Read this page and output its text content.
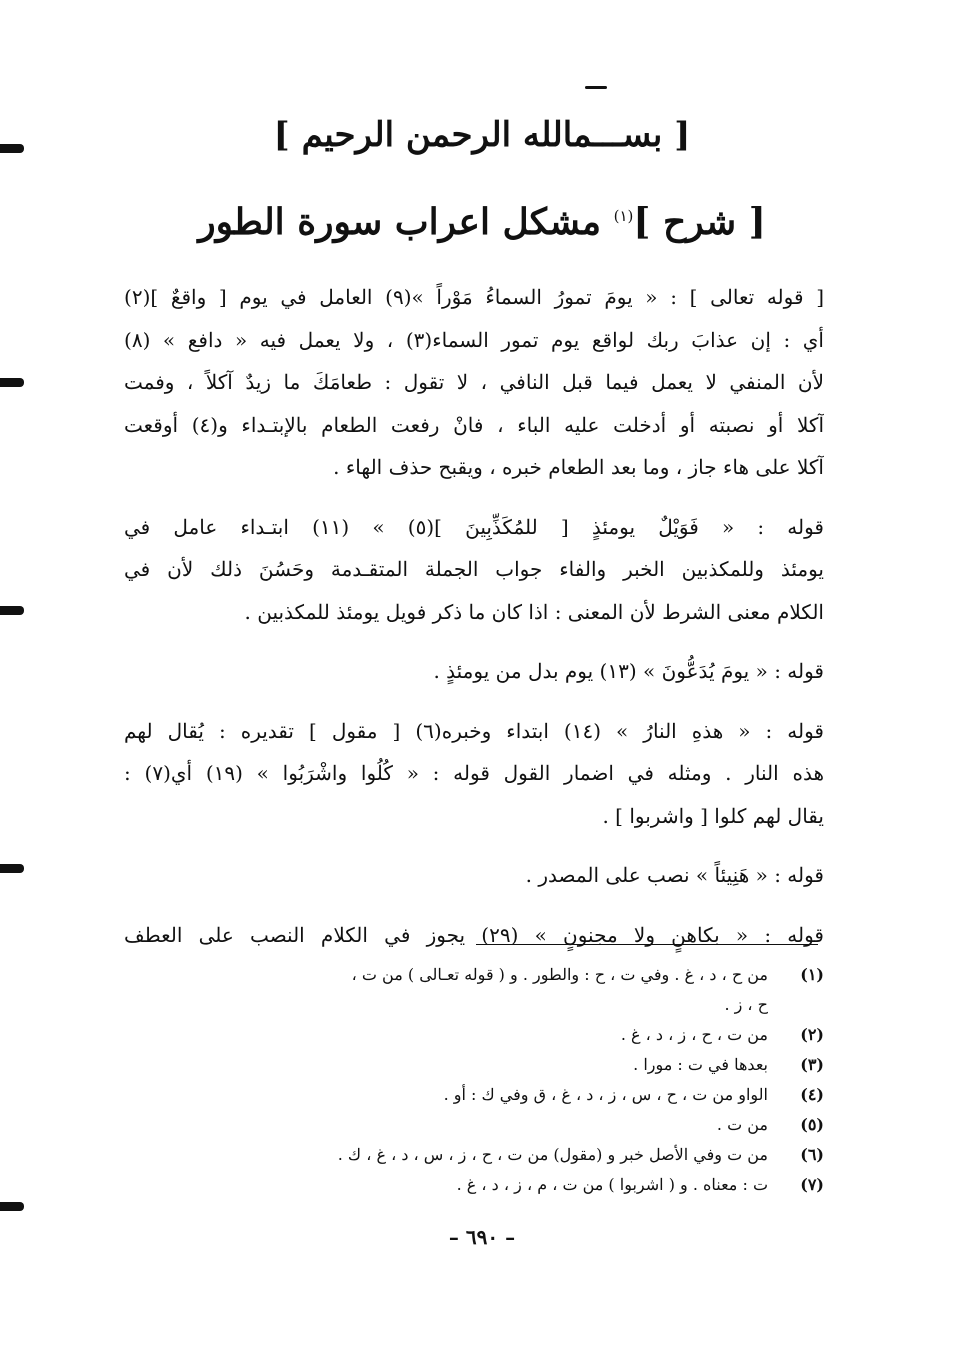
[ بســـمالله الرحمن الرحيم ]
[ شرح ]$^{(١)}$ مشكل اعراب سورة الطور

[ قوله تعالى ] : « يومَ تمورُ السماءُ مَوْراً »(٩) العامل في يوم [ واقعٌ ](٢)
أي : إن عذابَ ربك لواقع يوم تمور السماء(٣) ، ولا يعمل فيه « دافع » (٨)
لأن المنفي لا يعمل فيما قبل النافي ، لا تقول : طعامَكَ ما زيدٌ آكلاً ، وفمت
آكلا أو نصبته أو أدخلت عليه الباء ، فانْ رفعت الطعام بالإبتـداء و(٤) أوقعت
آكلا على هاء جاز ، وما بعد الطعام خبره ، ويقبح حذف الهاء .

قوله : « فَوَيْلٌ يومئذٍ [ للمُكَذِّبِينَ ](٥) » (١١) ابتـداء عامل في
يومئذ وللمكذبين الخبر والفاء جواب الجملة المتقـدمة وحَسُنَ ذلك لأن في
الكلام معنى الشرط لأن المعنى : اذا كان ما ذكر فويل يومئذ للمكذبين .

قوله : « يومَ يُدَعُّونَ » (١٣) يوم بدل من يومئذٍ .

قوله : « هذهِ النارُ » (١٤) ابتداء وخبره(٦) [ مقول ] تقديره : يُقال لهم
هذه النار . ومثله في اضمار القول قوله : « كُلُوا واشْرَبُوا » (١٩) أي(٧) :
يقال لهم كلوا [ واشربوا ] .

قوله : « هَنِيئاً » نصب على المصدر .

قوله : « بكاهنٍ ولا مجنونٍ » (٢٩) يجوز في الكلام النصب على العطف

(١)
من ح ، د ، غ . وفي ت ، ح : والطور . و ( قوله تعـالى ) من ت ،
ح ، ز .
(٢)
من ت ، ح ، ز ، د ، غ .
(٣)
بعدها في ت : مورا .
(٤)
الواو من ت ، ح ، س ، ز ، د ، غ ، ق وفي ك : أو .
(٥)
من ت .
(٦)
من ت وفي الأصل خبر و (مقول) من ت ، ح ، ز ، س ، د ، غ ، ك .
(٧)
ت : معناه . و ( اشربوا ) من ت ، م ، ز ، د ، غ .
– ٦٩٠ –
